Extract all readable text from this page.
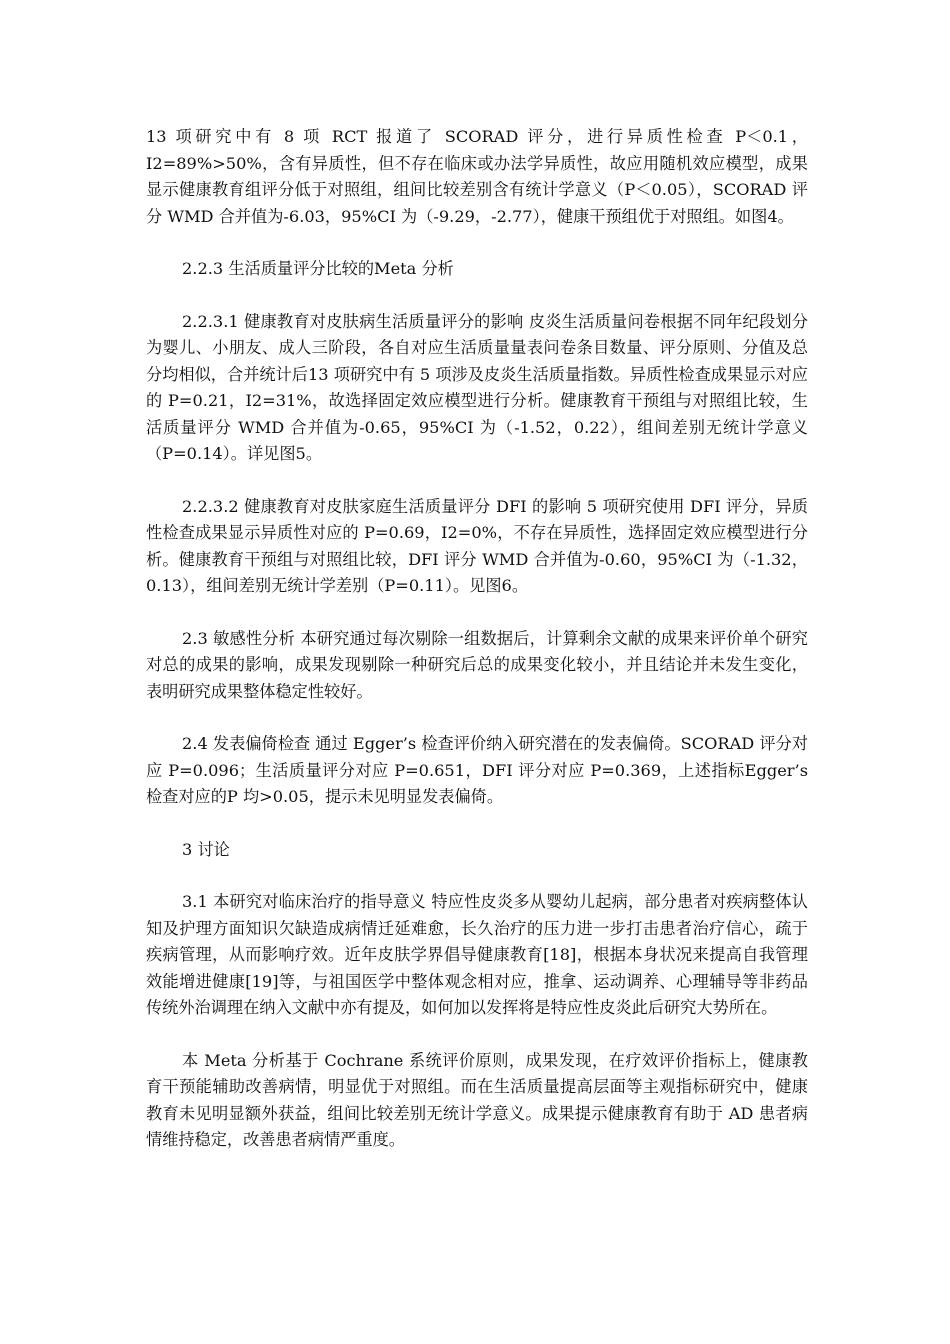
13 项研究中有 8 项 RCT 报道了 SCORAD 评分，进行异质性检查 P＜0.1，I2=89%>50%，含有异质性，但不存在临床或办法学异质性，故应用随机效应模型，成果显示健康教育组评分低于对照组，组间比较差别含有统计学意义（P＜0.05），SCORAD 评分 WMD 合并值为-6.03，95%CI 为（-9.29，-2.77），健康干预组优于对照组。如图4。

2.2.3 生活质量评分比较的Meta 分析

2.2.3.1 健康教育对皮肤病生活质量评分的影响 皮炎生活质量问卷根据不同年纪段划分为婴儿、小朋友、成人三阶段，各自对应生活质量量表问卷条目数量、评分原则、分值及总分均相似，合并统计后13 项研究中有 5 项涉及皮炎生活质量指数。异质性检查成果显示对应的 P=0.21，I2=31%，故选择固定效应模型进行分析。健康教育干预组与对照组比较，生活质量评分 WMD 合并值为-0.65，95%CI 为（-1.52，0.22），组间差别无统计学意义（P=0.14）。详见图5。

2.2.3.2 健康教育对皮肤家庭生活质量评分 DFI 的影响 5 项研究使用 DFI 评分，异质性检查成果显示异质性对应的 P=0.69，I2=0%，不存在异质性，选择固定效应模型进行分析。健康教育干预组与对照组比较，DFI 评分 WMD 合并值为-0.60，95%CI 为（-1.32，0.13），组间差别无统计学差别（P=0.11）。见图6。

2.3 敏感性分析 本研究通过每次剔除一组数据后，计算剩余文献的成果来评价单个研究对总的成果的影响，成果发现剔除一种研究后总的成果变化较小，并且结论并未发生变化，表明研究成果整体稳定性较好。

2.4 发表偏倚检查 通过 Egger’s 检查评价纳入研究潜在的发表偏倚。SCORAD 评分对应 P=0.096；生活质量评分对应 P=0.651，DFI 评分对应 P=0.369，上述指标Egger’s 检查对应的P 均>0.05，提示未见明显发表偏倚。

3 讨论

3.1 本研究对临床治疗的指导意义 特应性皮炎多从婴幼儿起病，部分患者对疾病整体认知及护理方面知识欠缺造成病情迁延难愈，长久治疗的压力进一步打击患者治疗信心，疏于疾病管理，从而影响疗效。近年皮肤学界倡导健康教育[18]，根据本身状况来提高自我管理效能增进健康[19]等，与祖国医学中整体观念相对应，推拿、运动调养、心理辅导等非药品传统外治调理在纳入文献中亦有提及，如何加以发挥将是特应性皮炎此后研究大势所在。

本 Meta 分析基于 Cochrane 系统评价原则，成果发现，在疗效评价指标上，健康教育干预能辅助改善病情，明显优于对照组。而在生活质量提高层面等主观指标研究中，健康教育未见明显额外获益，组间比较差别无统计学意义。成果提示健康教育有助于 AD 患者病情维持稳定，改善患者病情严重度。
